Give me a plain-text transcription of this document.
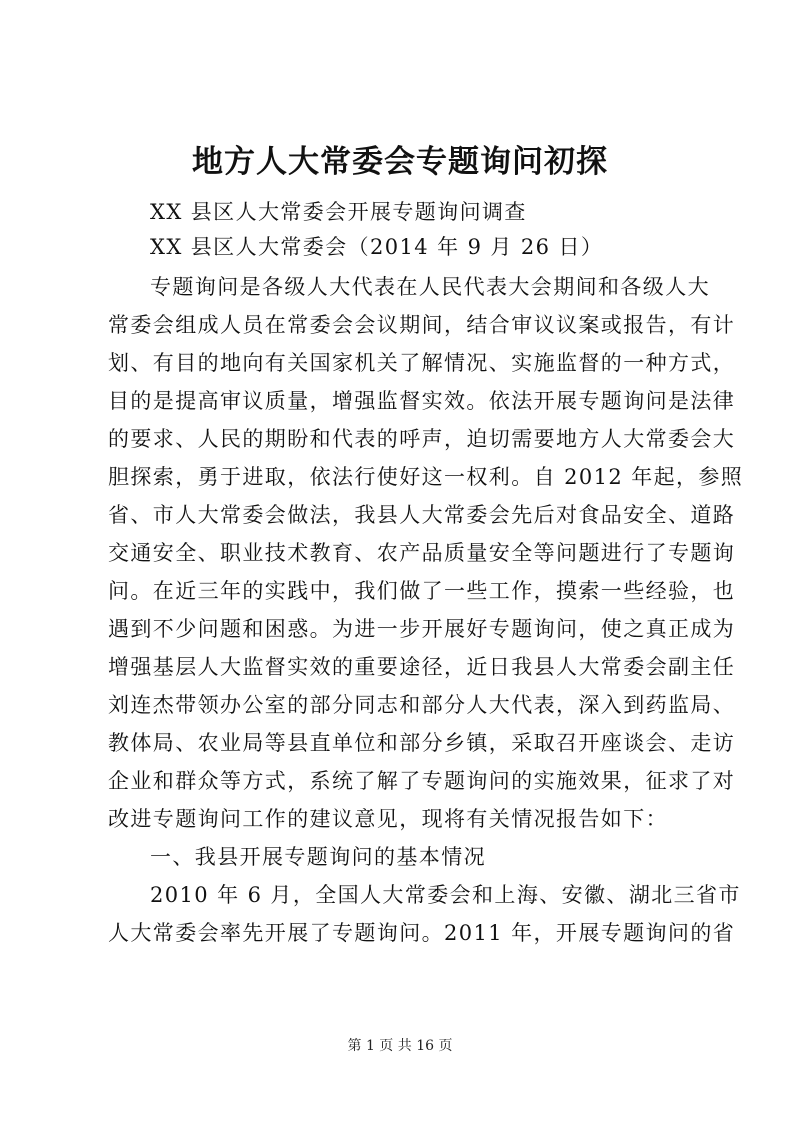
地方人大常委会专题询问初探
XX 县区人大常委会开展专题询问调查
XX 县区人大常委会（2014 年 9 月 26 日）
专题询问是各级人大代表在人民代表大会期间和各级人大
常委会组成人员在常委会会议期间，结合审议议案或报告，有计
划、有目的地向有关国家机关了解情况、实施监督的一种方式，
目的是提高审议质量，增强监督实效。依法开展专题询问是法律
的要求、人民的期盼和代表的呼声，迫切需要地方人大常委会大
胆探索，勇于进取，依法行使好这一权利。自 2012 年起，参照
省、市人大常委会做法，我县人大常委会先后对食品安全、道路
交通安全、职业技术教育、农产品质量安全等问题进行了专题询
问。在近三年的实践中，我们做了一些工作，摸索一些经验，也
遇到不少问题和困惑。为进一步开展好专题询问，使之真正成为
增强基层人大监督实效的重要途径，近日我县人大常委会副主任
刘连杰带领办公室的部分同志和部分人大代表，深入到药监局、
教体局、农业局等县直单位和部分乡镇，采取召开座谈会、走访
企业和群众等方式，系统了解了专题询问的实施效果，征求了对
改进专题询问工作的建议意见，现将有关情况报告如下：
一、我县开展专题询问的基本情况
2010 年 6 月，全国人大常委会和上海、安徽、湖北三省市
人大常委会率先开展了专题询问。2011 年，开展专题询问的省
第 1 页 共 16 页
